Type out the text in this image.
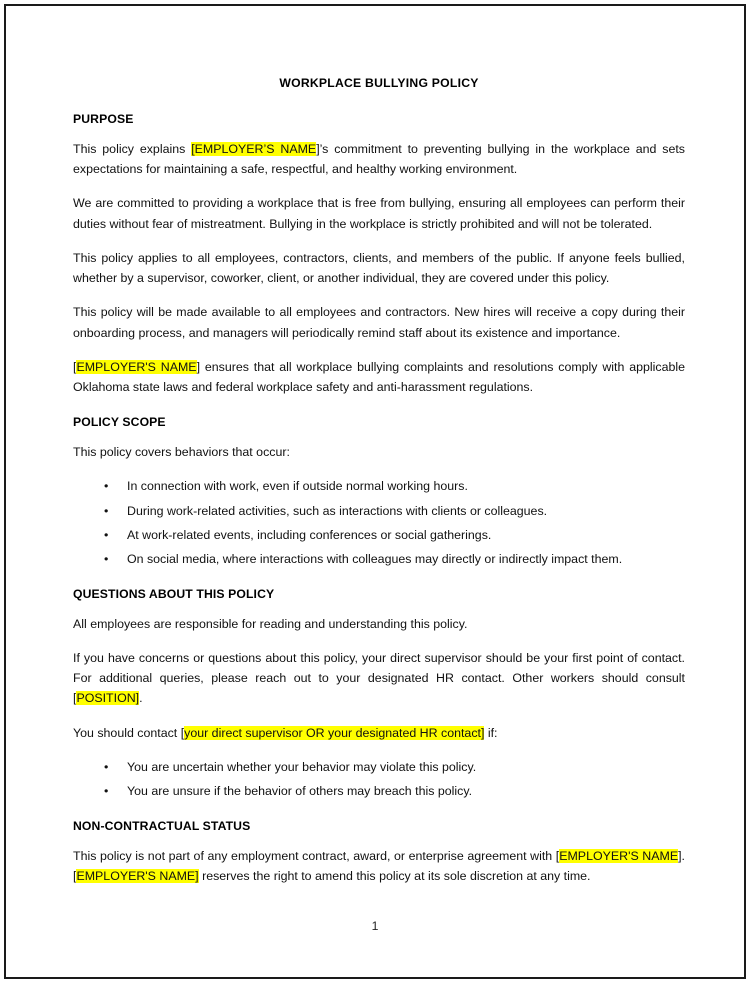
WORKPLACE BULLYING POLICY
PURPOSE

This policy explains [EMPLOYER’S NAME]’s commitment to preventing bullying in the workplace and sets expectations for maintaining a safe, respectful, and healthy working environment.

We are committed to providing a workplace that is free from bullying, ensuring all employees can perform their duties without fear of mistreatment. Bullying in the workplace is strictly prohibited and will not be tolerated.

This policy applies to all employees, contractors, clients, and members of the public. If anyone feels bullied, whether by a supervisor, coworker, client, or another individual, they are covered under this policy.

This policy will be made available to all employees and contractors. New hires will receive a copy during their onboarding process, and managers will periodically remind staff about its existence and importance.

[EMPLOYER'S NAME] ensures that all workplace bullying complaints and resolutions comply with applicable Oklahoma state laws and federal workplace safety and anti-harassment regulations.

POLICY SCOPE

This policy covers behaviors that occur:

• In connection with work, even if outside normal working hours.
• During work-related activities, such as interactions with clients or colleagues.
• At work-related events, including conferences or social gatherings.
• On social media, where interactions with colleagues may directly or indirectly impact them.
QUESTIONS ABOUT THIS POLICY

All employees are responsible for reading and understanding this policy.

If you have concerns or questions about this policy, your direct supervisor should be your first point of contact. For additional queries, please reach out to your designated HR contact. Other workers should consult [POSITION].

You should contact [your direct supervisor OR your designated HR contact] if:

• You are uncertain whether your behavior may violate this policy.
• You are unsure if the behavior of others may breach this policy.
NON-CONTRACTUAL STATUS

This policy is not part of any employment contract, award, or enterprise agreement with [EMPLOYER'S NAME]. [EMPLOYER'S NAME] reserves the right to amend this policy at its sole discretion at any time.

1
